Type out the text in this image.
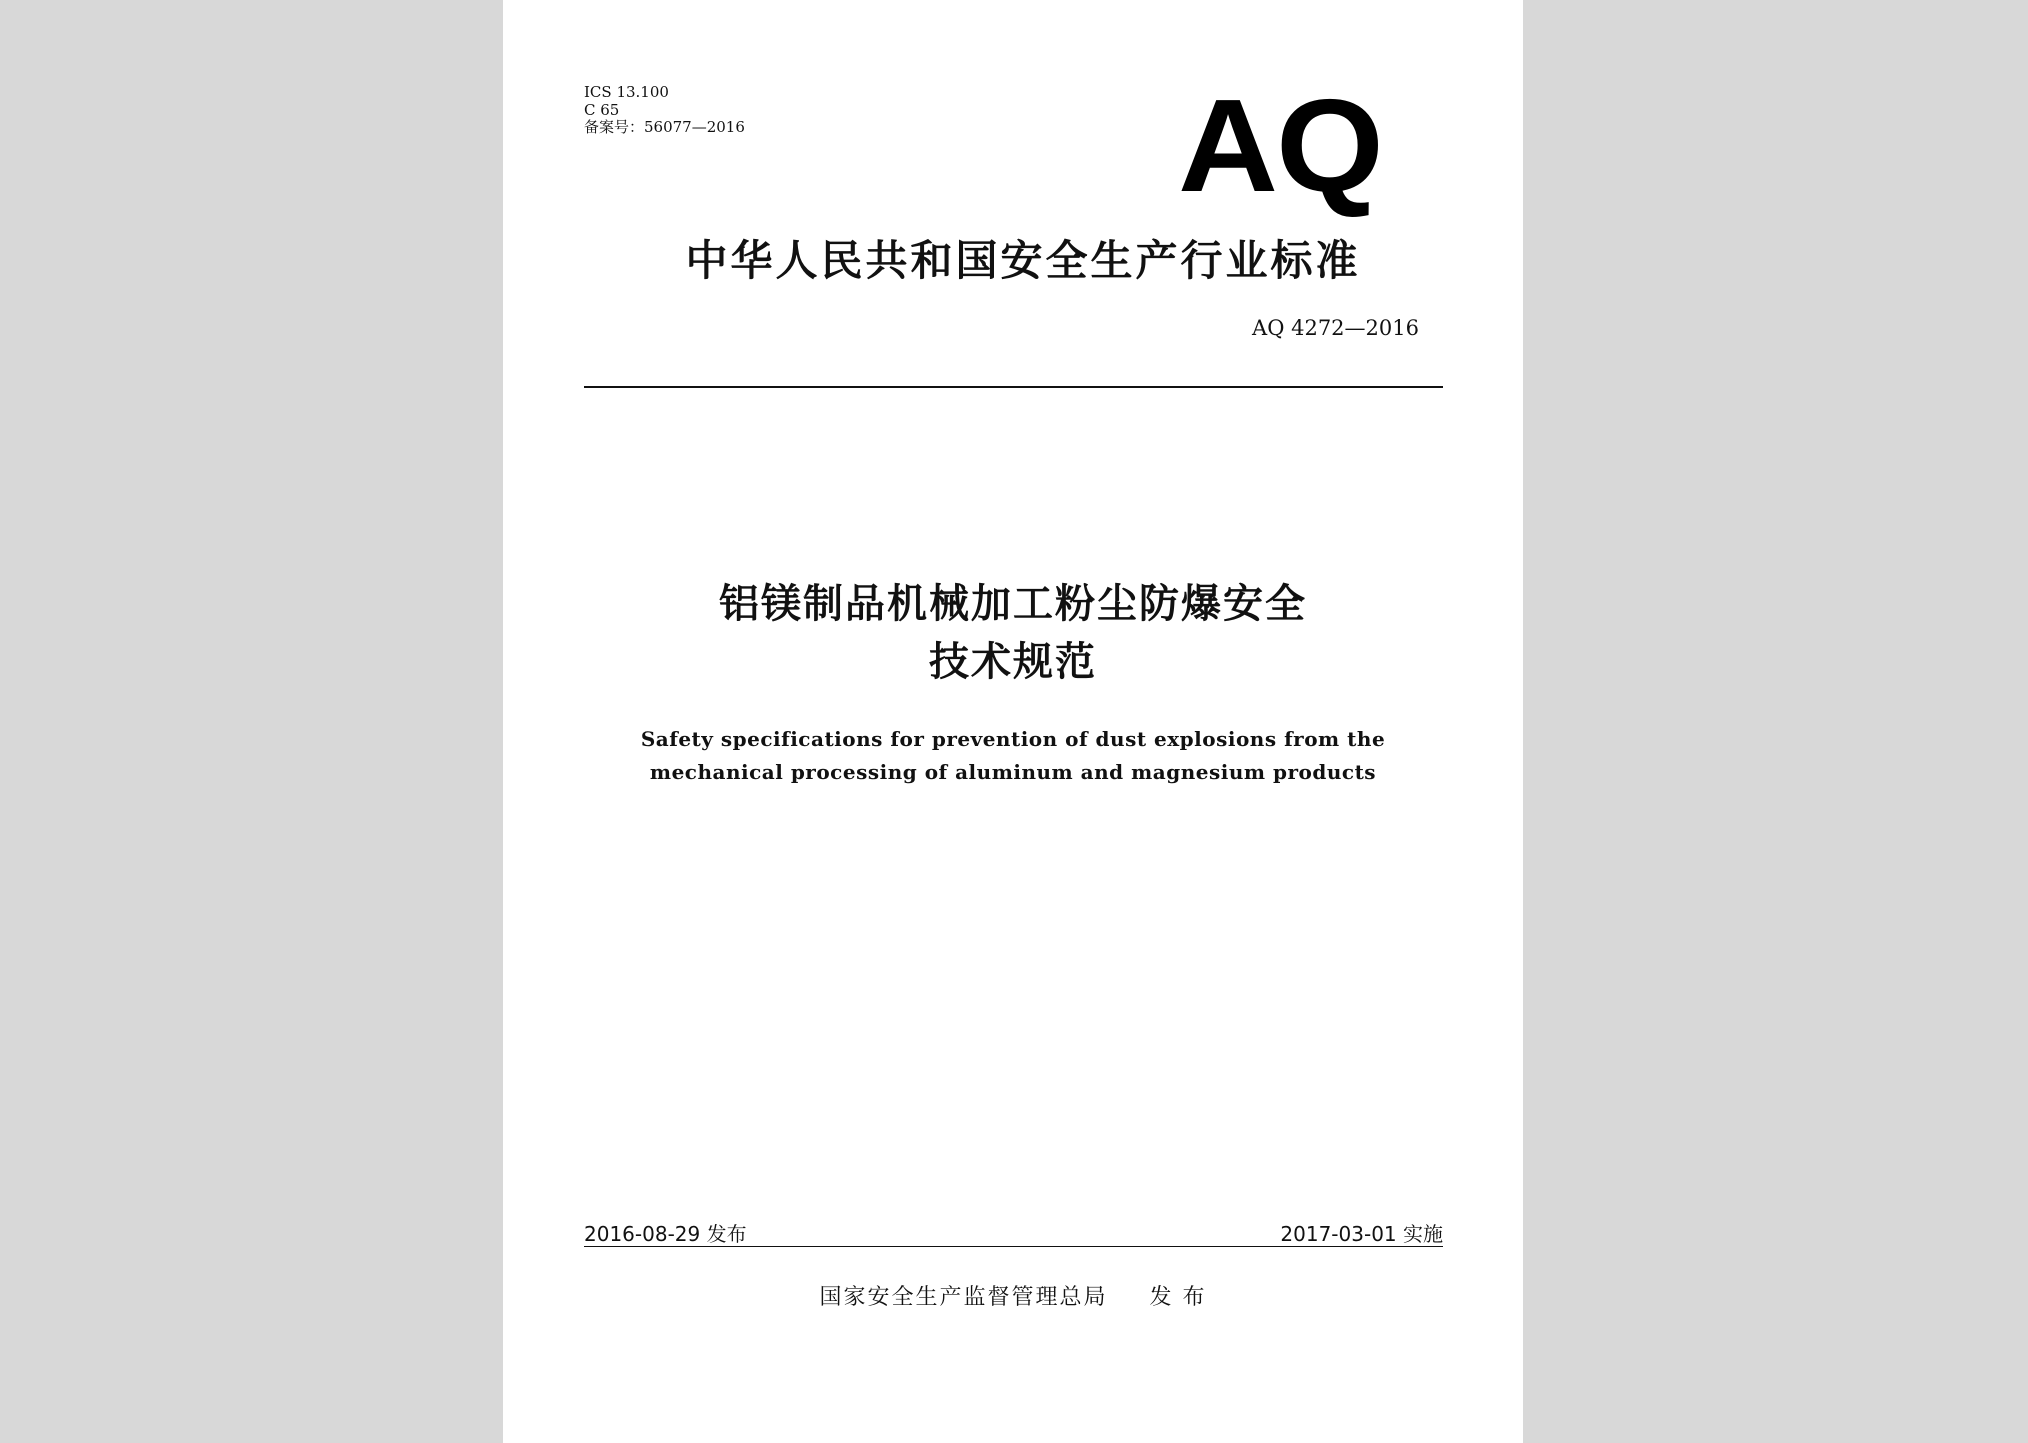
ICS 13.100
C 65
备案号：56077—2016	AQ
中华人民共和国安全生产行业标准
AQ 4272—2016
铝镁制品机械加工粉尘防爆安全
技术规范
Safety specifications for prevention of dust explosions from the
mechanical processing of aluminum and magnesium products
2016-08-29 发布	2017-03-01 实施
国家安全生产监督管理总局 发 布
